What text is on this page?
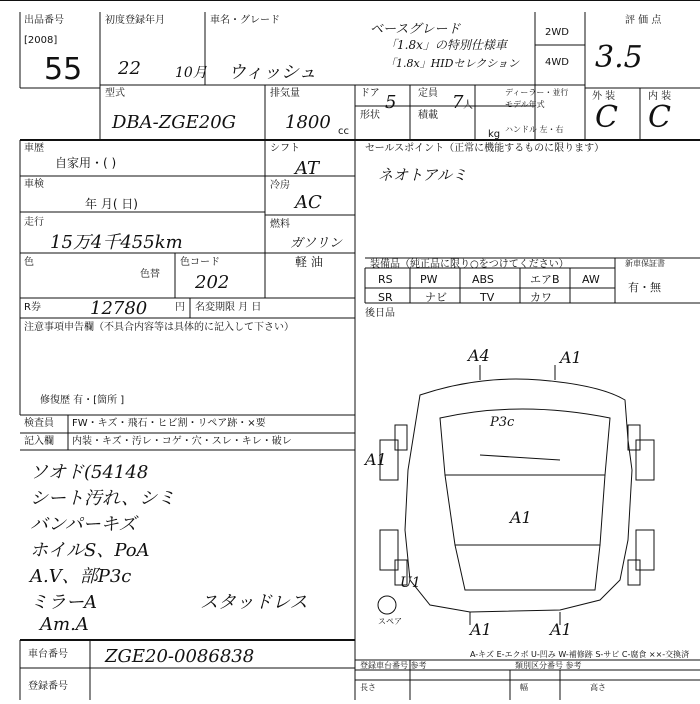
出品番号
[2008]
55
初度登録年月
22 10月
車名・グレード
ウィッシュ
ベースグレード
「1.8x」の特別仕様車
「1.8x」HIDセレクション
2WD
4WD
評 価 点
3.5
外 装	内 装
C C
型式
DBA-ZGE20G
排気量
1800 cc
ドア 5 定員 7 人
形状	積載
kg
ディーラー・並行
モデル年式
ハンドル 左・右
車歴
自家用・( )
車検
年 月( 日)
走行
15万4千455km
色
色替
色コード
202
シフト
AT
冷房
AC
燃料
ガソリン
軽 油
R券	12780	円 名変期限 月 日
注意事項申告欄（不具合内容等は具体的に記入して下さい）
修復歴 有・[箇所 ]
セールスポイント（正常に機能するものに限ります）
ネオトアルミ
装備品（純正品に限り○をつけてください）	新車保証書
RS PW	ABS	エアB AW
SR	ナビ	TV	カワ
有・無
後日品
検査員 FW・キズ・飛石・ヒビ割・リペア跡・×要
記入欄 内装・キズ・汚レ・コゲ・穴・スレ・キレ・破レ
ソオド(54148
シート汚れ、シミ
バンパーキズ
ホイルS、PoA
A.V、部P3c
ミラーA
Am.A
スタッドレス
A4	A1
P3c
A1
A1
U1
A1	A1
スペア
A-キズ E-エクボ U-凹み W-補修跡 S-サビ C-腐食 ××-交換済
車台番号 ZGE20-0086838
登録番号
登録車台番号 参考	類別区分番号 参考
長さ	幅	高さ
